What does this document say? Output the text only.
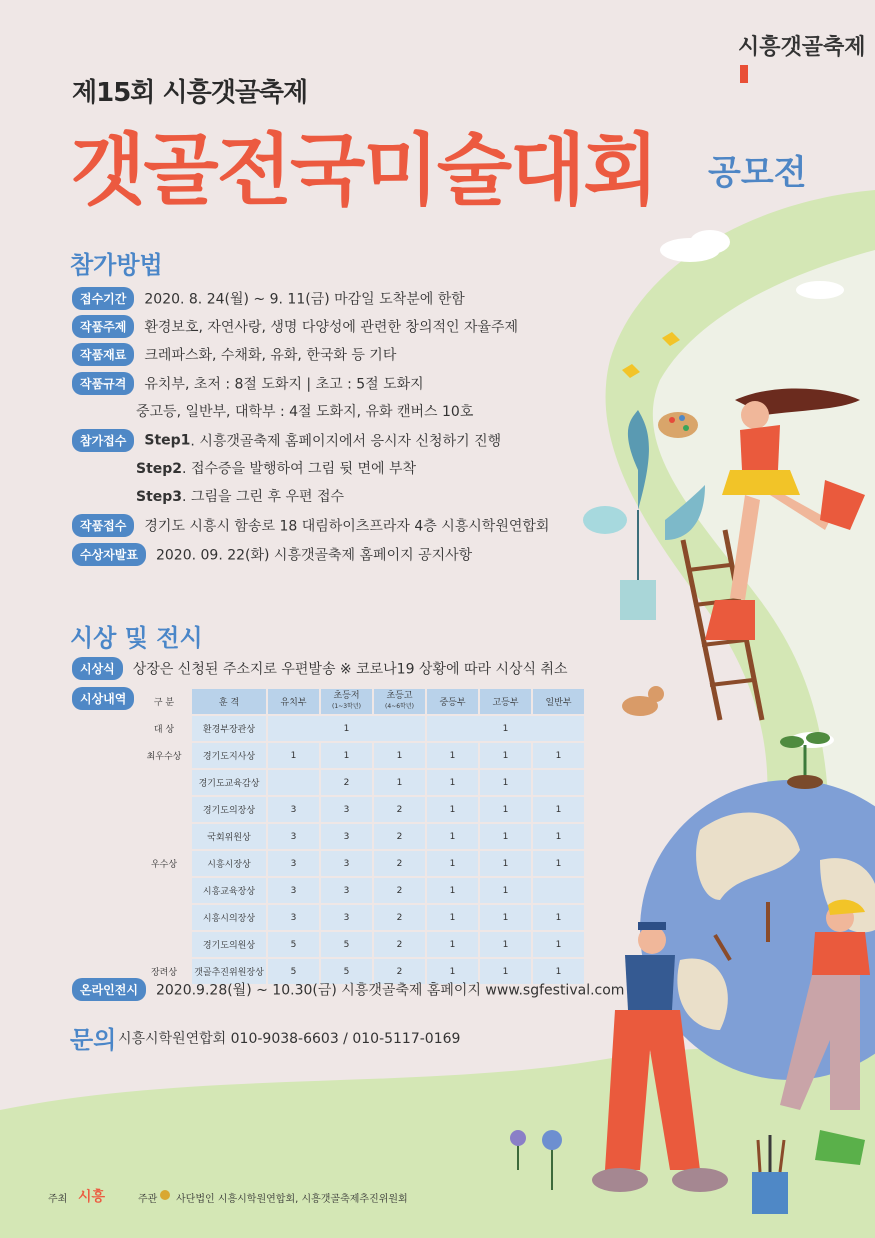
시흥갯골축제
제15회 시흥갯골축제
갯골전국미술대회 공모전
참가방법
접수기간 2020. 8. 24(월) ~ 9. 11(금) 마감일 도착분에 한함
작품주제 환경보호, 자연사랑, 생명 다양성에 관련한 창의적인 자율주제
작품재료 크레파스화, 수채화, 유화, 한국화 등 기타
작품규격 유치부, 초저 : 8절 도화지 | 초고 : 5절 도화지
중고등, 일반부, 대학부 : 4절 도화지, 유화 캔버스 10호
참가접수 Step1. 시흥갯골축제 홈페이지에서 응시자 신청하기 진행
Step2. 접수증을 발행하여 그림 뒷 면에 부착
Step3. 그림을 그린 후 우편 접수
작품접수 경기도 시흥시 함송로 18 대림하이츠프라자 4층 시흥시학원연합회
수상자발표 2020. 09. 22(화) 시흥갯골축제 홈페이지 공지사항
시상 및 전시
시상식 상장은 신청된 주소지로 우편발송 ※ 코로나19 상황에 따라 시상식 취소
시상내역	구 분	훈 격	유치부	초등저
(1~3학년)	초등고
(4~6학년)	중등부	고등부	일반부
대 상	환경부장관상	1			1		
최우수상	경기도지사상	1	1	1	1	1	1
	경기도교육감상		2	1	1	1	
	경기도의장상	3	3	2	1	1	1
	국회위원상	3	3	2	1	1	1
우수상	시흥시장상	3	3	2	1	1	1
	시흥교육장상	3	3	2	1	1	
	시흥시의장상	3	3	2	1	1	1
	경기도의원상	5	5	2	1	1	1
장려상	갯골추진위원장상	5	5	2	1	1	1
온라인전시 2020.9.28(월) ~ 10.30(금) 시흥갯골축제 홈페이지 www.sgfestival.com
문의 시흥시학원연합회 010-9038-6603 / 010-5117-0169
주최 시흥	주관 사단법인 시흥시학원연합회, 시흥갯골축제추진위원회
